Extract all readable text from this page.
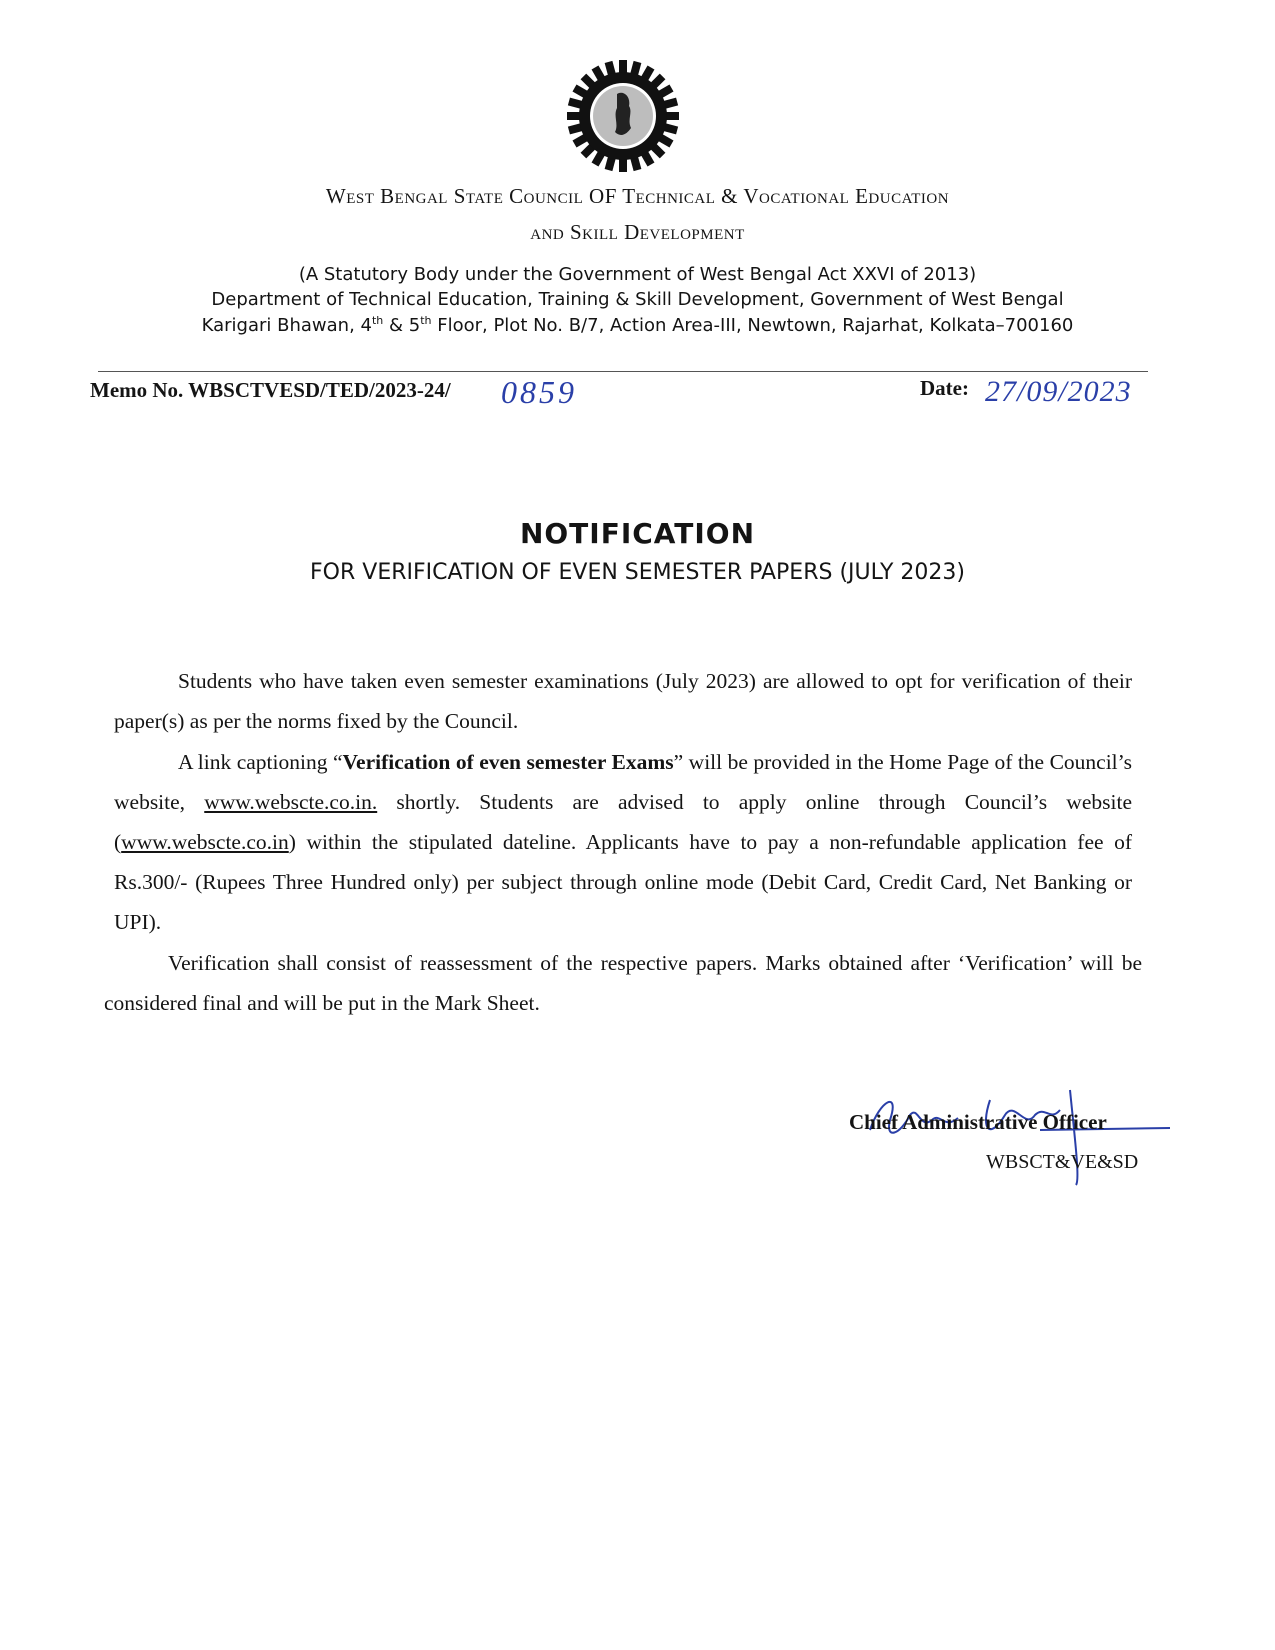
West Bengal State Council OF Technical & Vocational Education
and Skill Development
(A Statutory Body under the Government of West Bengal Act XXVI of 2013)
Department of Technical Education, Training & Skill Development, Government of West Bengal
Karigari Bhawan, 4th & 5th Floor, Plot No. B/7, Action Area-III, Newtown, Rajarhat, Kolkata–700160
Memo No. WBSCTVESD/TED/2023-24/ 0859	Date: 27/09/2023
NOTIFICATION
FOR VERIFICATION OF EVEN SEMESTER PAPERS (JULY 2023)
Students who have taken even semester examinations (July 2023) are allowed to opt for verification of their paper(s) as per the norms fixed by the Council.
A link captioning “Verification of even semester Exams” will be provided in the Home Page of the Council’s website, www.webscte.co.in. shortly. Students are advised to apply online through Council’s website (www.webscte.co.in) within the stipulated dateline. Applicants have to pay a non-refundable application fee of Rs.300/- (Rupees Three Hundred only) per subject through online mode (Debit Card, Credit Card, Net Banking or UPI).
Verification shall consist of reassessment of the respective papers. Marks obtained after ‘Verification’ will be considered final and will be put in the Mark Sheet.
Chief Administrative Officer
WBSCT&VE&SD
